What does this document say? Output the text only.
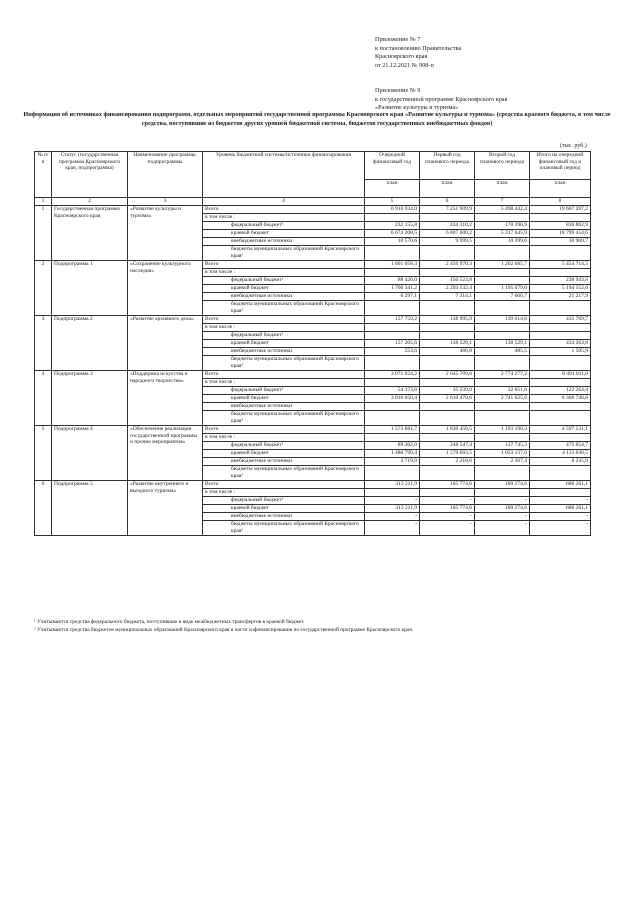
Приложение № 7
к постановлению Правительства
Красноярского края
от 21.12.2021 № 908-п
Приложение № 9
к государственной программе Красноярского края
«Развитие культуры и туризма»
Информация об источниках финансирования подпрограмм, отдельных мероприятий государственной программы Красноярского края «Развитие культуры и туризма» (средства краевого бюджета, в том числе средства, поступившие из бюджетов других уровней бюджетной системы, бюджетов государственных внебюджетных фондов)
(тыс. руб.)
№ п/п	Статус (государственная программа Красноярского края, подпрограмма)	Наименование программы, подпрограммы	Уровень бюджетной системы/источники финансирования	Очередной финансовый год	Первый год планового периода	Второй год планового периода	Итого на очередной финансовый год и плановый период
				план	план	план	план
1	2	3	4	5	6	7	8
1	Государственная программа Красноярского края	«Развитие культуры и туризма»	Всего	6 916 934,0	7 251 909,9	5 498 442,4	19 667 287,2
			в том числе :				
			федеральный бюджет¹	232 155,8	434 310,2	170 396,9	836 862,9
			краевой бюджет	6 674 208,5	6 807 600,2	5 317 645,9	18 799 454,6
			внебюджетные источники	10 570,6	9 999,5	10 399,6	30 969,7
			бюджеты муниципальных образований Красноярского края²				
2	Подпрограмма 1	«Сохранение культурного наследия»	Всего	1 801 058,3	2 450 970,3	1 202 685,7	5 454 714,3
			в том числе :				
			федеральный бюджет¹	88 420,0	150 523,8		238 943,8
			краевой бюджет	1 706 341,2	2 293 132,4	1 195 079,0	5 194 552,6
			внебюджетные источники	6 297,1	7 314,1	7 606,7	21 217,9
			бюджеты муниципальных образований Красноярского края²				
3	Подпрограмма 2	«Развитие архивного дела»	Всего	157 759,2	138 995,9	139 014,6	435 769,7
			в том числе :				
			федеральный бюджет¹				
			краевой бюджет	157 205,6	138 529,1	138 529,1	434 263,8
			внебюджетные источники	553,6	466,8	485,5	1 505,9
			бюджеты муниципальных образований Красноярского края²				
4	Подпрограмма 3	«Поддержка искусства и народного творчества»	Всего	3 071 024,2	2 645 709,6	2 774 277,2	8 491 011,0
			в том числе :				
			федеральный бюджет¹	54 373,8	35 239,0	32 651,6	122 264,4
			краевой бюджет	3 016 650,4	2 610 470,6	2 741 625,6	8 368 746,6
			внебюджетные источники				
			бюджеты муниципальных образований Красноярского края²				
5	Подпрограмма 4	«Обеспечение реализации государственной программы и прочие мероприятия»	Всего	1 573 881,7	1 830 459,5	1 193 190,3	4 597 531,1
			в том числе :				
			федеральный бюджет¹	89 362,0	248 547,4	137 745,3	475 654,7
			краевой бюджет	1 480 799,4	1 579 693,5	1 053 137,6	4 113 630,5
			внебюджетные источники	3 719,9	2 218,6	2 307,4	8 245,9
			бюджеты муниципальных образований Красноярского края²				
6	Подпрограмма 5	«Развитие внутреннего и въездного туризма»	Всего	313 211,9	185 774,6	189 274,6	688 261,1
			в том числе :				
			федеральный бюджет¹	-	-	-	-
			краевой бюджет	313 211,9	185 774,6	189 274,6	688 261,1
			внебюджетные источники	-	-	-	-
			бюджеты муниципальных образований Красноярского края²	-	-	-	-
¹ Учитываются средства федерального бюджета, поступившие в виде межбюджетных трансфертов в краевой бюджет.
² Учитываются средства бюджетов муниципальных образований Красноярского края в части софинансирования по государственной программе Красноярского края.
